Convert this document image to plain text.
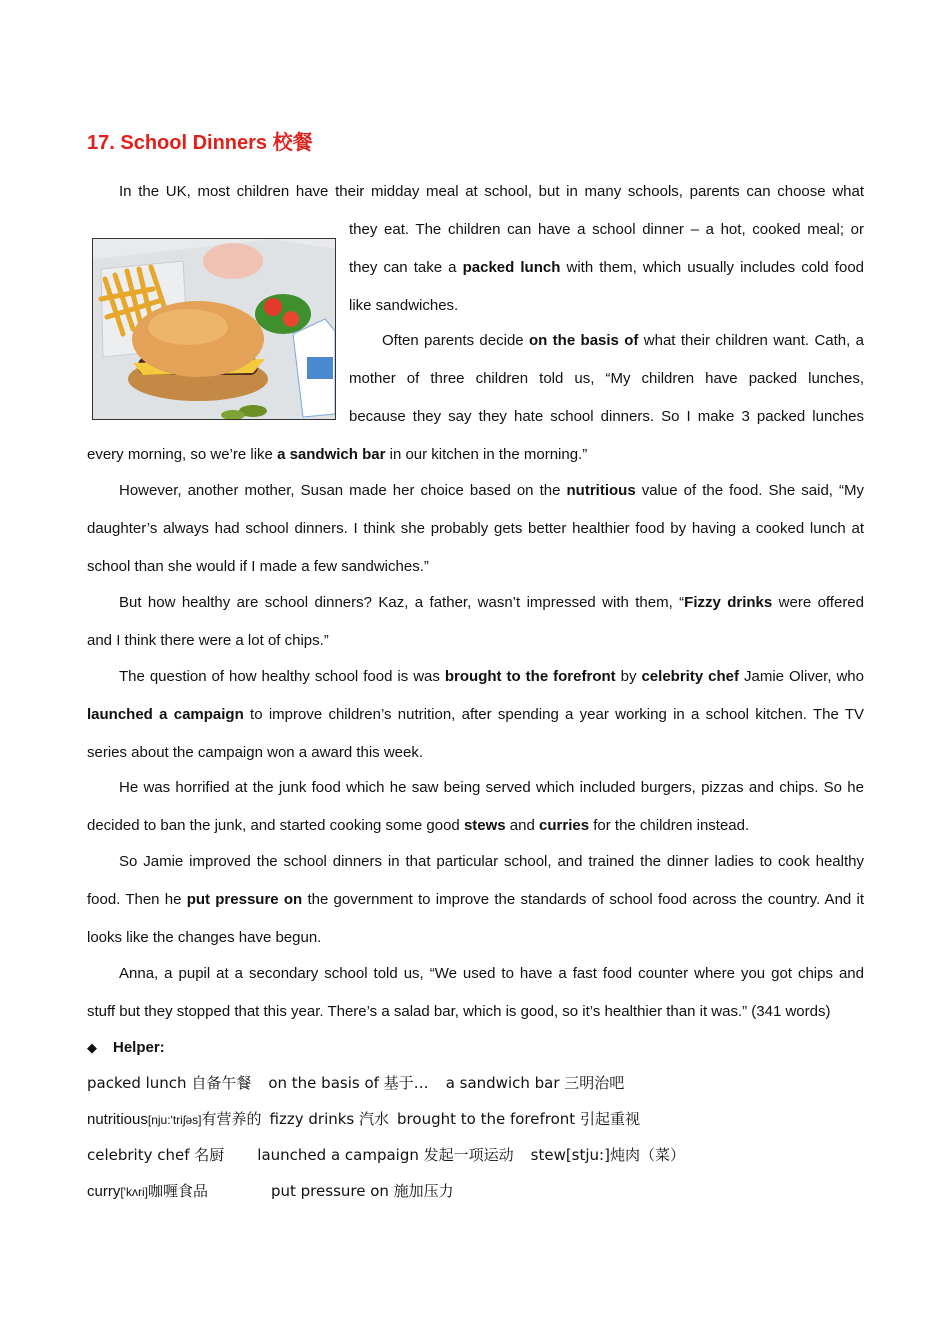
17. School Dinners 校餐
In the UK, most children have their midday meal at school, but in many schools, parents can choose what
they eat. The children can have a school dinner – a hot, cooked meal; or
they can take a packed lunch with them, which usually includes cold food
like sandwiches.
Often parents decide on the basis of what their children want. Cath, a
mother of three children told us, “My children have packed lunches,
because they say they hate school dinners. So I make 3 packed lunches
every morning, so we’re like a sandwich bar in our kitchen in the morning.”
However, another mother, Susan made her choice based on the nutritious value of the food. She said, “My
daughter’s always had school dinners. I think she probably gets better healthier food by having a cooked lunch at
school than she would if I made a few sandwiches.”
But how healthy are school dinners? Kaz, a father, wasn’t impressed with them, “Fizzy drinks were offered
and I think there were a lot of chips.”
The question of how healthy school food is was brought to the forefront by celebrity chef Jamie Oliver, who
launched a campaign to improve children’s nutrition, after spending a year working in a school kitchen. The TV
series about the campaign won a award this week.
He was horrified at the junk food which he saw being served which included burgers, pizzas and chips. So he
decided to ban the junk, and started cooking some good stews and curries for the children instead.
So Jamie improved the school dinners in that particular school, and trained the dinner ladies to cook healthy
food. Then he put pressure on the government to improve the standards of school food across the country. And it
looks like the changes have begun.
Anna, a pupil at a secondary school told us, “We used to have a fast food counter where you got chips and
stuff but they stopped that this year. There’s a salad bar, which is good, so it’s healthier than it was.” (341 words)
◆ Helper:
packed lunch 自备午餐 on the basis of 基于… a sandwich bar 三明治吧
nutritious[nju:'triʃəs]有营养的 fizzy drinks 汽水 brought to the forefront 引起重视
celebrity chef 名厨 launched a campaign 发起一项运动 stew[stju:]炖肉（菜）
curry['kʌri]咖喱食品	put pressure on 施加压力
